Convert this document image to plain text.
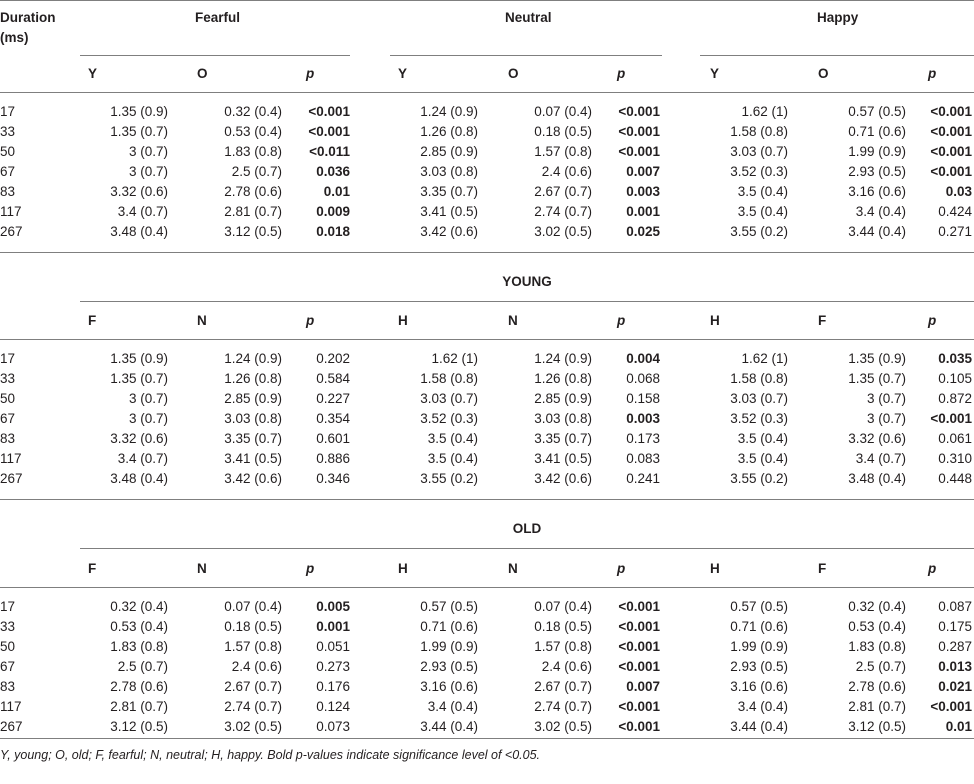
Duration
(ms)
Fearful	Neutral	Happy
Y	O	p	Y	O	p	Y	O	p
17	1.35 (0.9)	0.32 (0.4)	<0.001	1.24 (0.9)	0.07 (0.4)	<0.001	1.62 (1)	0.57 (0.5)	<0.001
33	1.35 (0.7)	0.53 (0.4)	<0.001	1.26 (0.8)	0.18 (0.5)	<0.001	1.58 (0.8)	0.71 (0.6)	<0.001
50	3 (0.7)	1.83 (0.8)	<0.011	2.85 (0.9)	1.57 (0.8)	<0.001	3.03 (0.7)	1.99 (0.9)	<0.001
67	3 (0.7)	2.5 (0.7)	0.036	3.03 (0.8)	2.4 (0.6)	0.007	3.52 (0.3)	2.93 (0.5)	<0.001
83	3.32 (0.6)	2.78 (0.6)	0.01	3.35 (0.7)	2.67 (0.7)	0.003	3.5 (0.4)	3.16 (0.6)	0.03
117	3.4 (0.7)	2.81 (0.7)	0.009	3.41 (0.5)	2.74 (0.7)	0.001	3.5 (0.4)	3.4 (0.4)	0.424
267	3.48 (0.4)	3.12 (0.5)	0.018	3.42 (0.6)	3.02 (0.5)	0.025	3.55 (0.2)	3.44 (0.4)	0.271
YOUNG
F	N	p	H	N	p	H	F	p
17	1.35 (0.9)	1.24 (0.9)	0.202	1.62 (1)	1.24 (0.9)	0.004	1.62 (1)	1.35 (0.9)	0.035
33	1.35 (0.7)	1.26 (0.8)	0.584	1.58 (0.8)	1.26 (0.8)	0.068	1.58 (0.8)	1.35 (0.7)	0.105
50	3 (0.7)	2.85 (0.9)	0.227	3.03 (0.7)	2.85 (0.9)	0.158	3.03 (0.7)	3 (0.7)	0.872
67	3 (0.7)	3.03 (0.8)	0.354	3.52 (0.3)	3.03 (0.8)	0.003	3.52 (0.3)	3 (0.7)	<0.001
83	3.32 (0.6)	3.35 (0.7)	0.601	3.5 (0.4)	3.35 (0.7)	0.173	3.5 (0.4)	3.32 (0.6)	0.061
117	3.4 (0.7)	3.41 (0.5)	0.886	3.5 (0.4)	3.41 (0.5)	0.083	3.5 (0.4)	3.4 (0.7)	0.310
267	3.48 (0.4)	3.42 (0.6)	0.346	3.55 (0.2)	3.42 (0.6)	0.241	3.55 (0.2)	3.48 (0.4)	0.448
OLD
F	N	p	H	N	p	H	F	p
17	0.32 (0.4)	0.07 (0.4)	0.005	0.57 (0.5)	0.07 (0.4)	<0.001	0.57 (0.5)	0.32 (0.4)	0.087
33	0.53 (0.4)	0.18 (0.5)	0.001	0.71 (0.6)	0.18 (0.5)	<0.001	0.71 (0.6)	0.53 (0.4)	0.175
50	1.83 (0.8)	1.57 (0.8)	0.051	1.99 (0.9)	1.57 (0.8)	<0.001	1.99 (0.9)	1.83 (0.8)	0.287
67	2.5 (0.7)	2.4 (0.6)	0.273	2.93 (0.5)	2.4 (0.6)	<0.001	2.93 (0.5)	2.5 (0.7)	0.013
83	2.78 (0.6)	2.67 (0.7)	0.176	3.16 (0.6)	2.67 (0.7)	0.007	3.16 (0.6)	2.78 (0.6)	0.021
117	2.81 (0.7)	2.74 (0.7)	0.124	3.4 (0.4)	2.74 (0.7)	<0.001	3.4 (0.4)	2.81 (0.7)	<0.001
267	3.12 (0.5)	3.02 (0.5)	0.073	3.44 (0.4)	3.02 (0.5)	<0.001	3.44 (0.4)	3.12 (0.5)	0.01
Y, young; O, old; F, fearful; N, neutral; H, happy. Bold p-values indicate significance level of <0.05.
